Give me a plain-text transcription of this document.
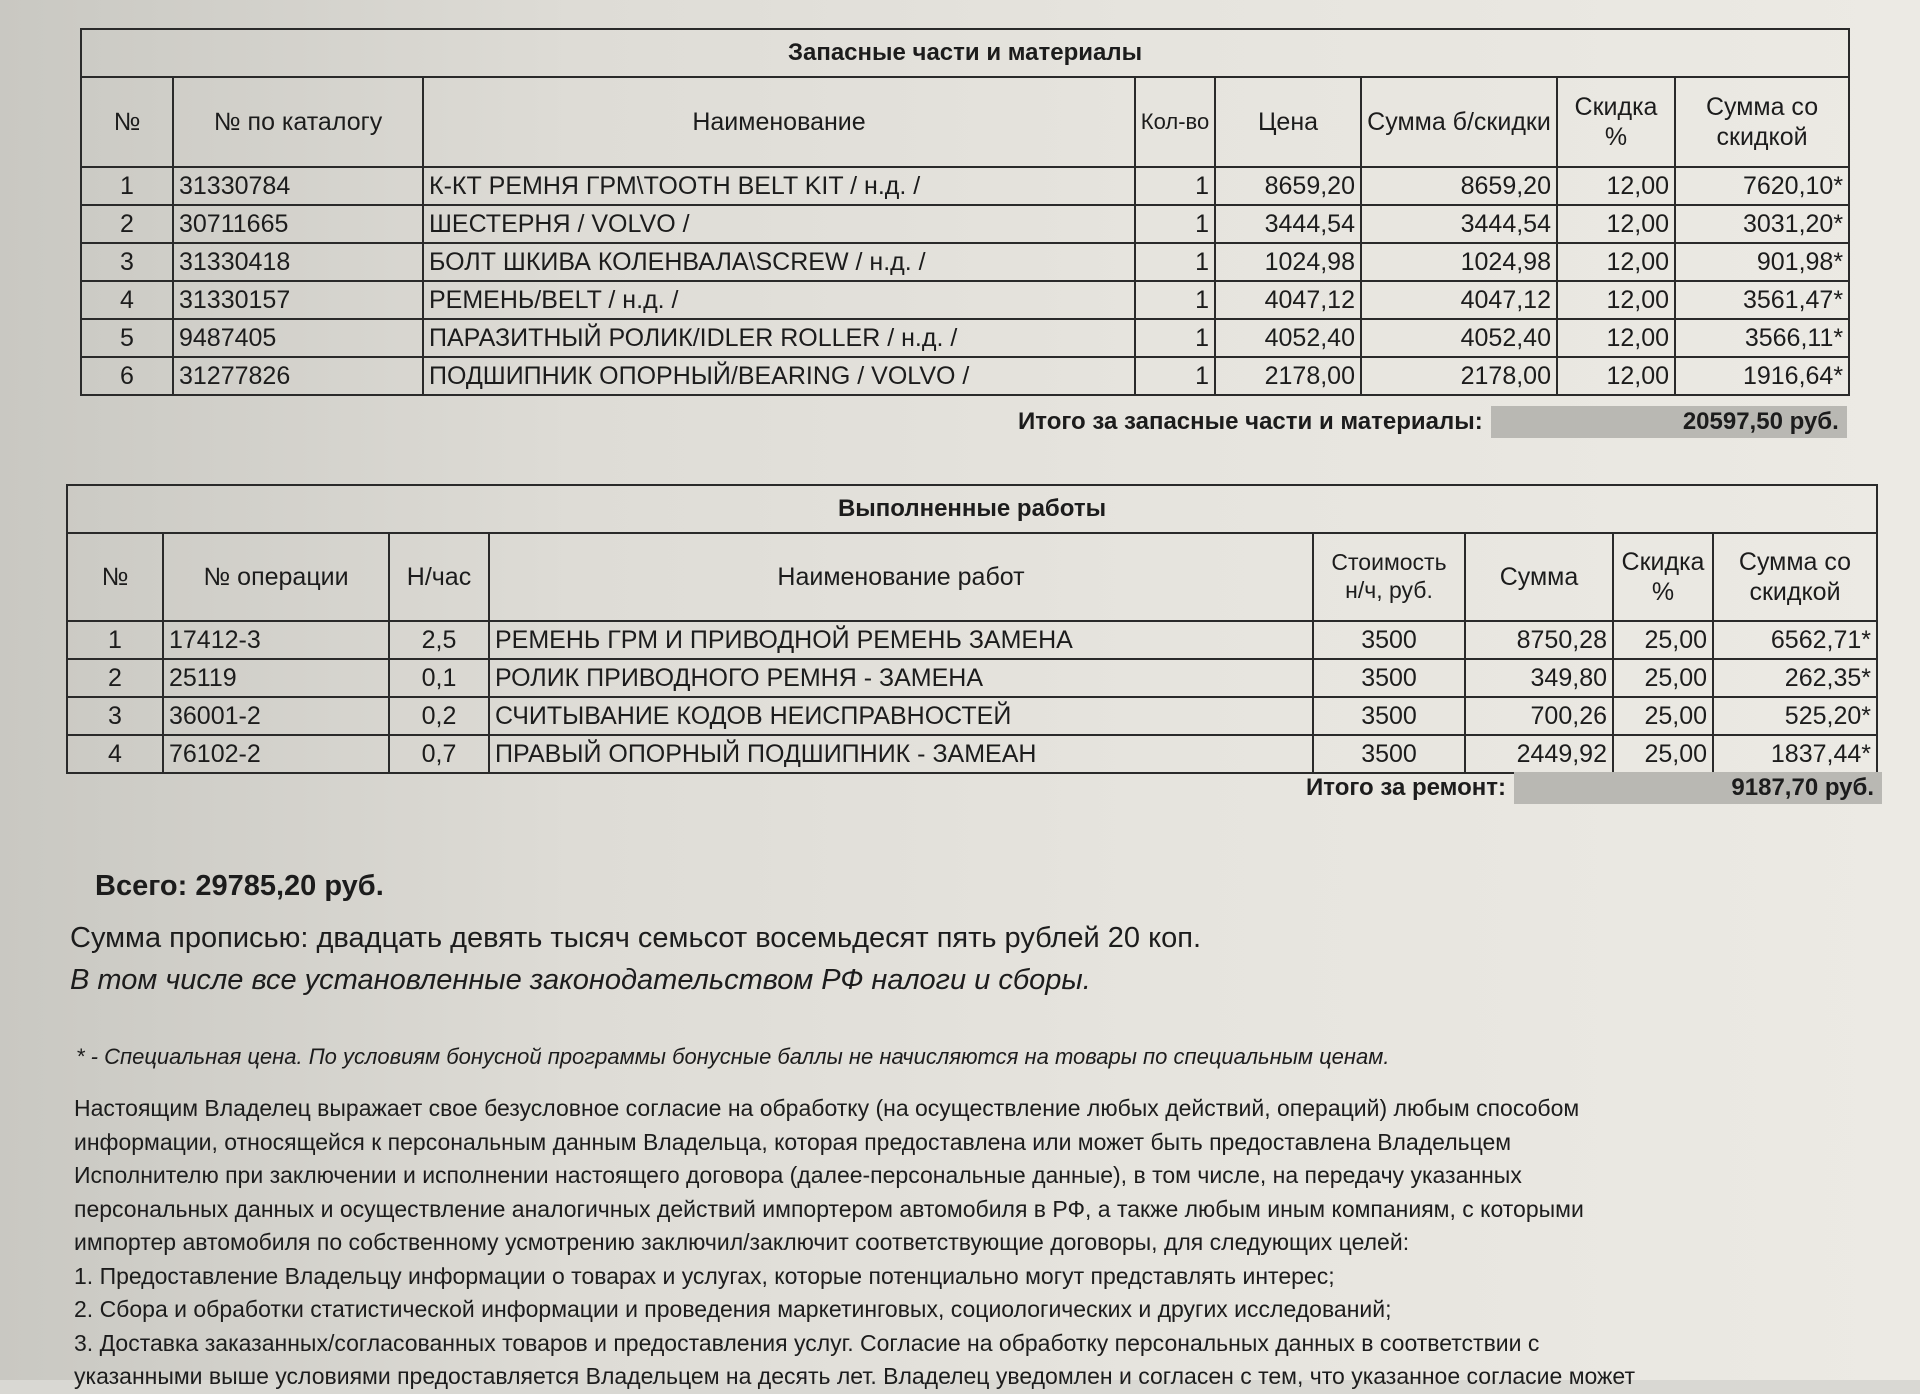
Запасные части и материалы							
№	№ по каталогу	Наименование	Кол-во	Цена	Сумма б/скидки	Скидка %	Сумма со скидкой
1	31330784	К-КТ РЕМНЯ ГРМ\TOOTH BELT KIT / н.д. /	1	8659,20	8659,20	12,00	7620,10*
2	30711665	ШЕСТЕРНЯ / VOLVO /	1	3444,54	3444,54	12,00	3031,20*
3	31330418	БОЛТ ШКИВА КОЛЕНВАЛА\SCREW / н.д. /	1	1024,98	1024,98	12,00	901,98*
4	31330157	РЕМЕНЬ/BELT / н.д. /	1	4047,12	4047,12	12,00	3561,47*
5	9487405	ПАРАЗИТНЫЙ РОЛИК/IDLER ROLLER / н.д. /	1	4052,40	4052,40	12,00	3566,11*
6	31277826	ПОДШИПНИК ОПОРНЫЙ/BEARING / VOLVO /	1	2178,00	2178,00	12,00	1916,64*
Итого за запасные части и материалы:	20597,50 руб.
Выполненные работы							
№	№ операции	Н/час	Наименование работ	Стоимость н/ч, руб.	Сумма	Скидка %	Сумма со скидкой
1	17412-3	2,5	РЕМЕНЬ ГРМ И ПРИВОДНОЙ РЕМЕНЬ ЗАМЕНА	3500	8750,28	25,00	6562,71*
2	25119	0,1	РОЛИК ПРИВОДНОГО РЕМНЯ - ЗАМЕНА	3500	349,80	25,00	262,35*
3	36001-2	0,2	СЧИТЫВАНИЕ КОДОВ НЕИСПРАВНОСТЕЙ	3500	700,26	25,00	525,20*
4	76102-2	0,7	ПРАВЫЙ ОПОРНЫЙ ПОДШИПНИК - ЗАМЕАН	3500	2449,92	25,00	1837,44*
Итого за ремонт:	9187,70 руб.
Всего: 29785,20 руб.
Сумма прописью: двадцать девять тысяч семьсот восемьдесят пять рублей 20 коп.
В том числе все установленные законодательством РФ налоги и сборы.
* - Специальная цена. По условиям бонусной программы бонусные баллы не начисляются на товары по специальным ценам.
Настоящим Владелец выражает свое безусловное согласие на обработку (на осуществление любых действий, операций) любым способом
информации, относящейся к персональным данным Владельца, которая предоставлена или может быть предоставлена Владельцем
Исполнителю при заключении и исполнении настоящего договора (далее-персональные данные), в том числе, на передачу указанных
персональных данных и осуществление аналогичных действий импортером автомобиля в РФ, а также любым иным компаниям, с которыми
импортер автомобиля по собственному усмотрению заключил/заключит соответствующие договоры, для следующих целей:
1. Предоставление Владельцу информации о товарах и услугах, которые потенциально могут представлять интерес;
2. Сбора и обработки статистической информации и проведения маркетинговых, социологических и других исследований;
3. Доставка заказанных/согласованных товаров и предоставления услуг. Согласие на обработку персональных данных в соответствии с
указанными выше условиями предоставляется Владельцем на десять лет. Владелец уведомлен и согласен с тем, что указанное согласие может
